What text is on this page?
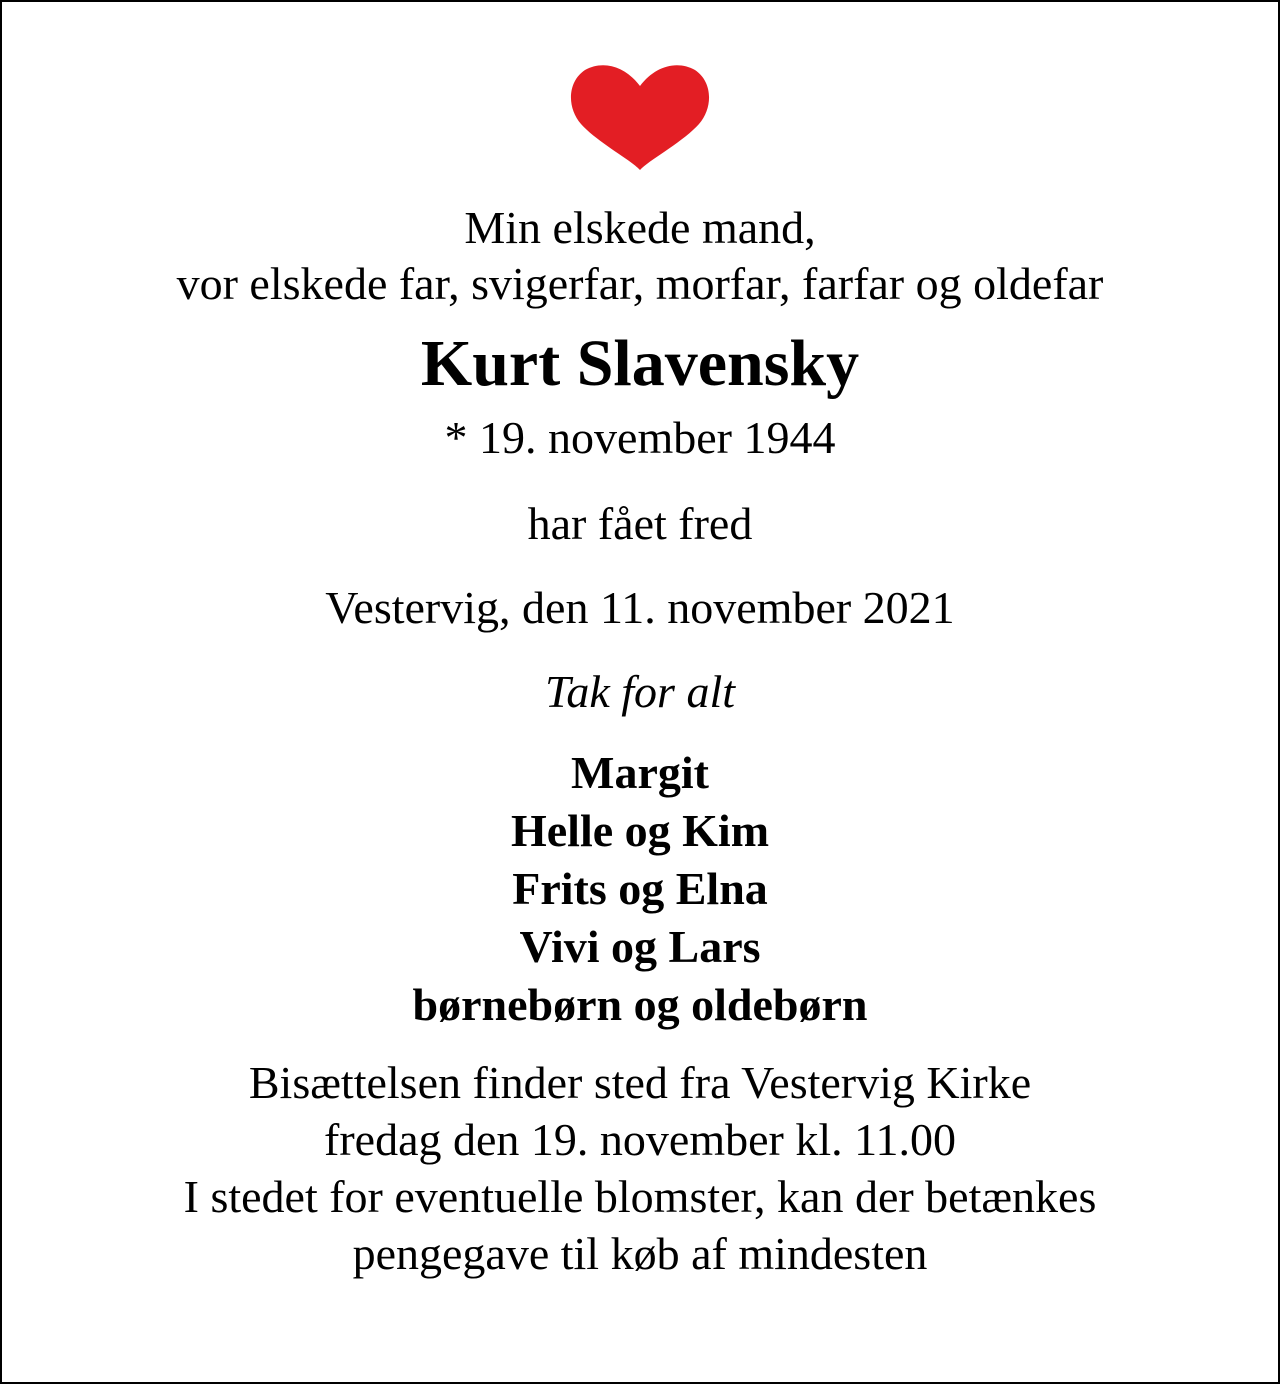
Min elskede mand,
vor elskede far, svigerfar, morfar, farfar og oldefar
Kurt Slavensky
* 19. november 1944
har fået fred
Vestervig, den 11. november 2021
Tak for alt
Margit
Helle og Kim
Frits og Elna
Vivi og Lars
børnebørn og oldebørn
Bisættelsen finder sted fra Vestervig Kirke
fredag den 19. november kl. 11.00
I stedet for eventuelle blomster, kan der betænkes
pengegave til køb af mindesten
